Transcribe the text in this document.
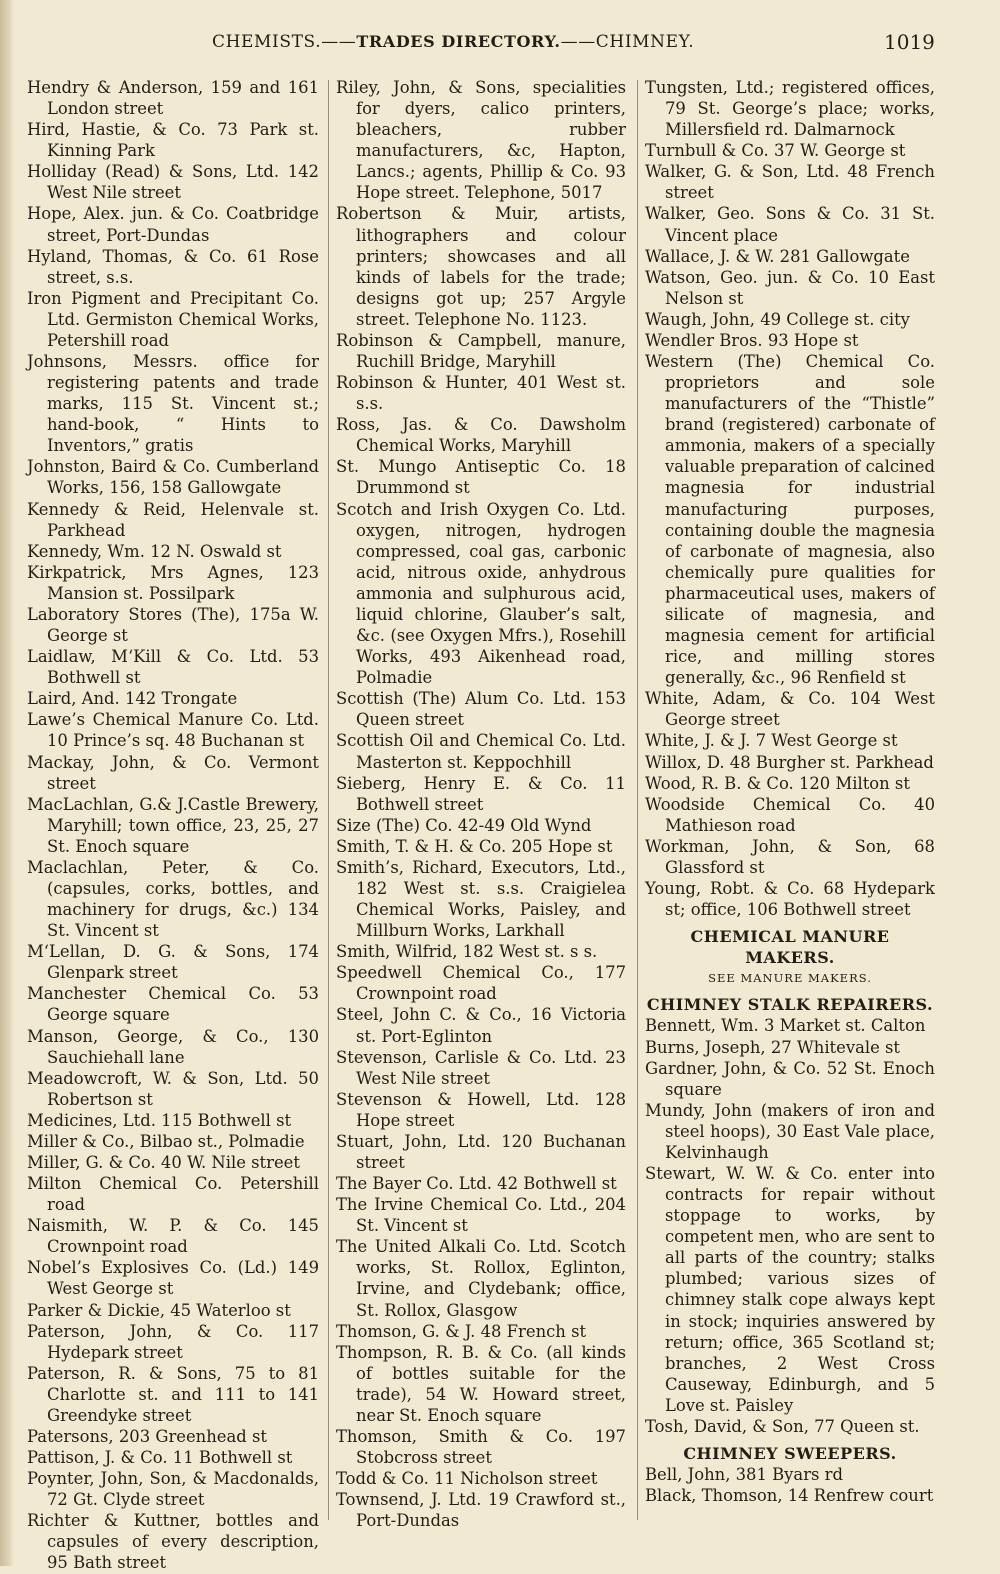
CHEMISTS.——TRADES DIRECTORY.——CHIMNEY.	1019

Hendry & Anderson, 159 and 161 London street

Hird, Hastie, & Co. 73 Park st. Kinning Park

Holliday (Read) & Sons, Ltd. 142 West Nile street

Hope, Alex. jun. & Co. Coatbridge street, Port-Dundas

Hyland, Thomas, & Co. 61 Rose street, s.s.

Iron Pigment and Precipitant Co. Ltd. Germiston Chemical Works, Petershill road

Johnsons, Messrs. office for registering patents and trade marks, 115 St. Vincent st.; hand-book, “ Hints to Inventors,” gratis

Johnston, Baird & Co. Cumberland Works, 156, 158 Gallowgate

Kennedy & Reid, Helenvale st. Parkhead

Kennedy, Wm. 12 N. Oswald st

Kirkpatrick, Mrs Agnes, 123 Mansion st. Possilpark

Laboratory Stores (The), 175a W. George st

Laidlaw, M‘Kill & Co. Ltd. 53 Bothwell st

Laird, And. 142 Trongate

Lawe’s Chemical Manure Co. Ltd. 10 Prince’s sq. 48 Buchanan st

Mackay, John, & Co. Vermont street

MacLachlan, G.& J.Castle Brewery, Maryhill; town office, 23, 25, 27 St. Enoch square

Maclachlan, Peter, & Co. (capsules, corks, bottles, and machinery for drugs, &c.) 134 St. Vincent st

M‘Lellan, D. G. & Sons, 174 Glenpark street

Manchester Chemical Co. 53 George square

Manson, George, & Co., 130 Sauchiehall lane

Meadowcroft, W. & Son, Ltd. 50 Robertson st

Medicines, Ltd. 115 Bothwell st

Miller & Co., Bilbao st., Polmadie

Miller, G. & Co. 40 W. Nile street

Milton Chemical Co. Petershill road

Naismith, W. P. & Co. 145 Crownpoint road

Nobel’s Explosives Co. (Ld.) 149 West George st

Parker & Dickie, 45 Waterloo st

Paterson, John, & Co. 117 Hydepark street

Paterson, R. & Sons, 75 to 81 Charlotte st. and 111 to 141 Greendyke street

Patersons, 203 Greenhead st

Pattison, J. & Co. 11 Bothwell st

Poynter, John, Son, & Macdonalds, 72 Gt. Clyde street

Richter & Kuttner, bottles and capsules of every description, 95 Bath street

Riley, John, & Sons, specialities for dyers, calico printers, bleachers, rubber manufacturers, &c, Hapton, Lancs.; agents, Phillip & Co. 93 Hope street. Telephone, 5017

Robertson & Muir, artists, lithographers and colour printers; showcases and all kinds of labels for the trade; designs got up; 257 Argyle street. Telephone No. 1123.

Robinson & Campbell, manure, Ruchill Bridge, Maryhill

Robinson & Hunter, 401 West st. s.s.

Ross, Jas. & Co. Dawsholm Chemical Works, Maryhill

St. Mungo Antiseptic Co. 18 Drummond st

Scotch and Irish Oxygen Co. Ltd. oxygen, nitrogen, hydrogen compressed, coal gas, carbonic acid, nitrous oxide, anhydrous ammonia and sulphurous acid, liquid chlorine, Glauber’s salt, &c. (see Oxygen Mfrs.), Rosehill Works, 493 Aikenhead road, Polmadie

Scottish (The) Alum Co. Ltd. 153 Queen street

Scottish Oil and Chemical Co. Ltd. Masterton st. Keppochhill

Sieberg, Henry E. & Co. 11 Bothwell street

Size (The) Co. 42-49 Old Wynd

Smith, T. & H. & Co. 205 Hope st

Smith’s, Richard, Executors, Ltd., 182 West st. s.s. Craigielea Chemical Works, Paisley, and Millburn Works, Larkhall

Smith, Wilfrid, 182 West st. s s.

Speedwell Chemical Co., 177 Crownpoint road

Steel, John C. & Co., 16 Victoria st. Port-Eglinton

Stevenson, Carlisle & Co. Ltd. 23 West Nile street

Stevenson & Howell, Ltd. 128 Hope street

Stuart, John, Ltd. 120 Buchanan street

The Bayer Co. Ltd. 42 Bothwell st

The Irvine Chemical Co. Ltd., 204 St. Vincent st

The United Alkali Co. Ltd. Scotch works, St. Rollox, Eglinton, Irvine, and Clydebank; office, St. Rollox, Glasgow

Thomson, G. & J. 48 French st

Thompson, R. B. & Co. (all kinds of bottles suitable for the trade), 54 W. Howard street, near St. Enoch square

Thomson, Smith & Co. 197 Stobcross street

Todd & Co. 11 Nicholson street

Townsend, J. Ltd. 19 Crawford st., Port-Dundas

Tungsten, Ltd.; registered offices, 79 St. George’s place; works, Millersfield rd. Dalmarnock

Turnbull & Co. 37 W. George st

Walker, G. & Son, Ltd. 48 French street

Walker, Geo. Sons & Co. 31 St. Vincent place

Wallace, J. & W. 281 Gallowgate

Watson, Geo. jun. & Co. 10 East Nelson st

Waugh, John, 49 College st. city

Wendler Bros. 93 Hope st

Western (The) Chemical Co. proprietors and sole manufacturers of the “Thistle” brand (registered) carbonate of ammonia, makers of a specially valuable preparation of calcined magnesia for industrial manufacturing purposes, containing double the magnesia of carbonate of magnesia, also chemically pure qualities for pharmaceutical uses, makers of silicate of magnesia, and magnesia cement for artificial rice, and milling stores generally, &c., 96 Renfield st

White, Adam, & Co. 104 West George street

White, J. & J. 7 West George st

Willox, D. 48 Burgher st. Parkhead

Wood, R. B. & Co. 120 Milton st

Woodside Chemical Co. 40 Mathieson road

Workman, John, & Son, 68 Glassford st

Young, Robt. & Co. 68 Hydepark st; office, 106 Bothwell street

CHEMICAL MANURE MAKERS.

SEE MANURE MAKERS.

CHIMNEY STALK REPAIRERS.

Bennett, Wm. 3 Market st. Calton

Burns, Joseph, 27 Whitevale st

Gardner, John, & Co. 52 St. Enoch square

Mundy, John (makers of iron and steel hoops), 30 East Vale place, Kelvinhaugh

Stewart, W. W. & Co. enter into contracts for repair without stoppage to works, by competent men, who are sent to all parts of the country; stalks plumbed; various sizes of chimney stalk cope always kept in stock; inquiries answered by return; office, 365 Scotland st; branches, 2 West Cross Causeway, Edinburgh, and 5 Love st. Paisley

Tosh, David, & Son, 77 Queen st.

CHIMNEY SWEEPERS.

Bell, John, 381 Byars rd

Black, Thomson, 14 Renfrew court
